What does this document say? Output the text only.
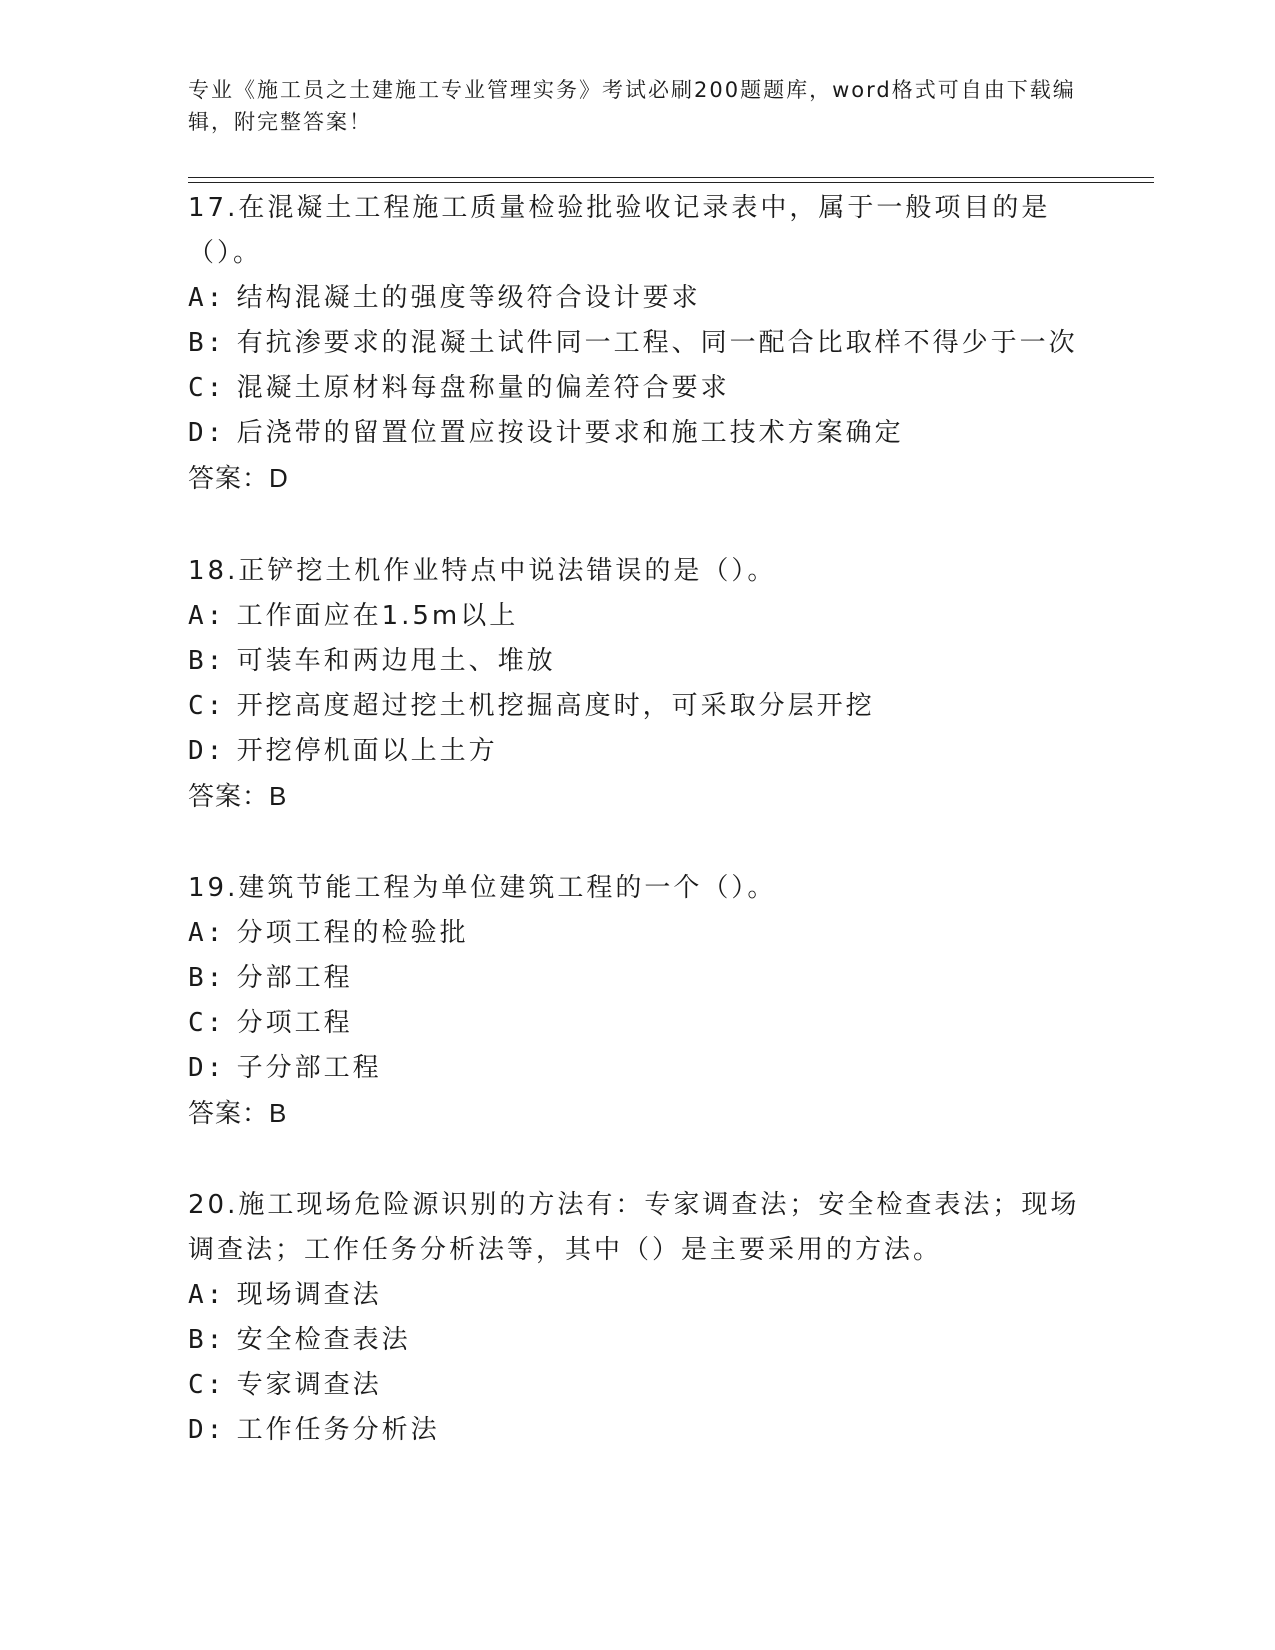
专业《施工员之土建施工专业管理实务》考试必刷200题题库，word格式可自由下载编辑，附完整答案！
17.在混凝土工程施工质量检验批验收记录表中，属于一般项目的是（）。
A: 结构混凝土的强度等级符合设计要求
B: 有抗渗要求的混凝土试件同一工程、同一配合比取样不得少于一次
C: 混凝土原材料每盘称量的偏差符合要求
D: 后浇带的留置位置应按设计要求和施工技术方案确定
答案：D
18.正铲挖土机作业特点中说法错误的是（）。
A: 工作面应在1.5m以上
B: 可装车和两边甩土、堆放
C: 开挖高度超过挖土机挖掘高度时，可采取分层开挖
D: 开挖停机面以上土方
答案：B
19.建筑节能工程为单位建筑工程的一个（）。
A: 分项工程的检验批
B: 分部工程
C: 分项工程
D: 子分部工程
答案：B
20.施工现场危险源识别的方法有：专家调查法；安全检查表法；现场调查法；工作任务分析法等，其中（）是主要采用的方法。
A: 现场调查法
B: 安全检查表法
C: 专家调查法
D: 工作任务分析法
